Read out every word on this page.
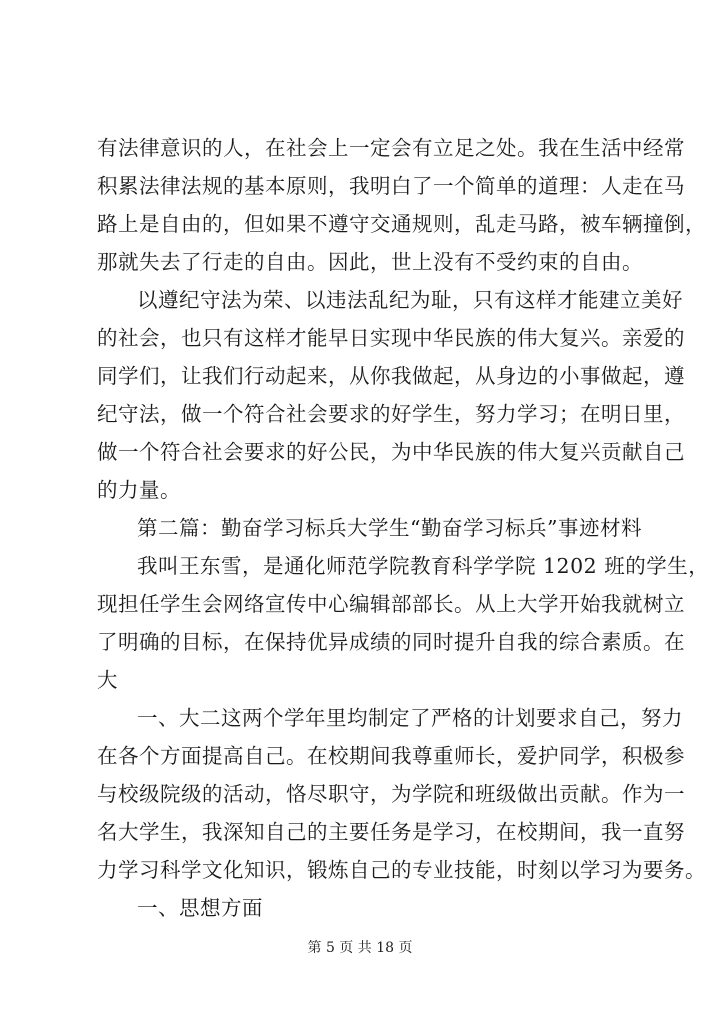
有法律意识的人，在社会上一定会有立足之处。我在生活中经常
积累法律法规的基本原则，我明白了一个简单的道理：人走在马
路上是自由的，但如果不遵守交通规则，乱走马路，被车辆撞倒，
那就失去了行走的自由。因此，世上没有不受约束的自由。
以遵纪守法为荣、以违法乱纪为耻，只有这样才能建立美好
的社会，也只有这样才能早日实现中华民族的伟大复兴。亲爱的
同学们，让我们行动起来，从你我做起，从身边的小事做起，遵
纪守法，做一个符合社会要求的好学生，努力学习；在明日里，
做一个符合社会要求的好公民，为中华民族的伟大复兴贡献自己
的力量。
第二篇：勤奋学习标兵大学生“勤奋学习标兵”事迹材料
我叫王东雪，是通化师范学院教育科学学院 1202 班的学生，
现担任学生会网络宣传中心编辑部部长。从上大学开始我就树立
了明确的目标，在保持优异成绩的同时提升自我的综合素质。在
大
一、大二这两个学年里均制定了严格的计划要求自己，努力
在各个方面提高自己。在校期间我尊重师长，爱护同学，积极参
与校级院级的活动，恪尽职守，为学院和班级做出贡献。作为一
名大学生，我深知自己的主要任务是学习，在校期间，我一直努
力学习科学文化知识，锻炼自己的专业技能，时刻以学习为要务。
一、思想方面
第 5 页 共 18 页
